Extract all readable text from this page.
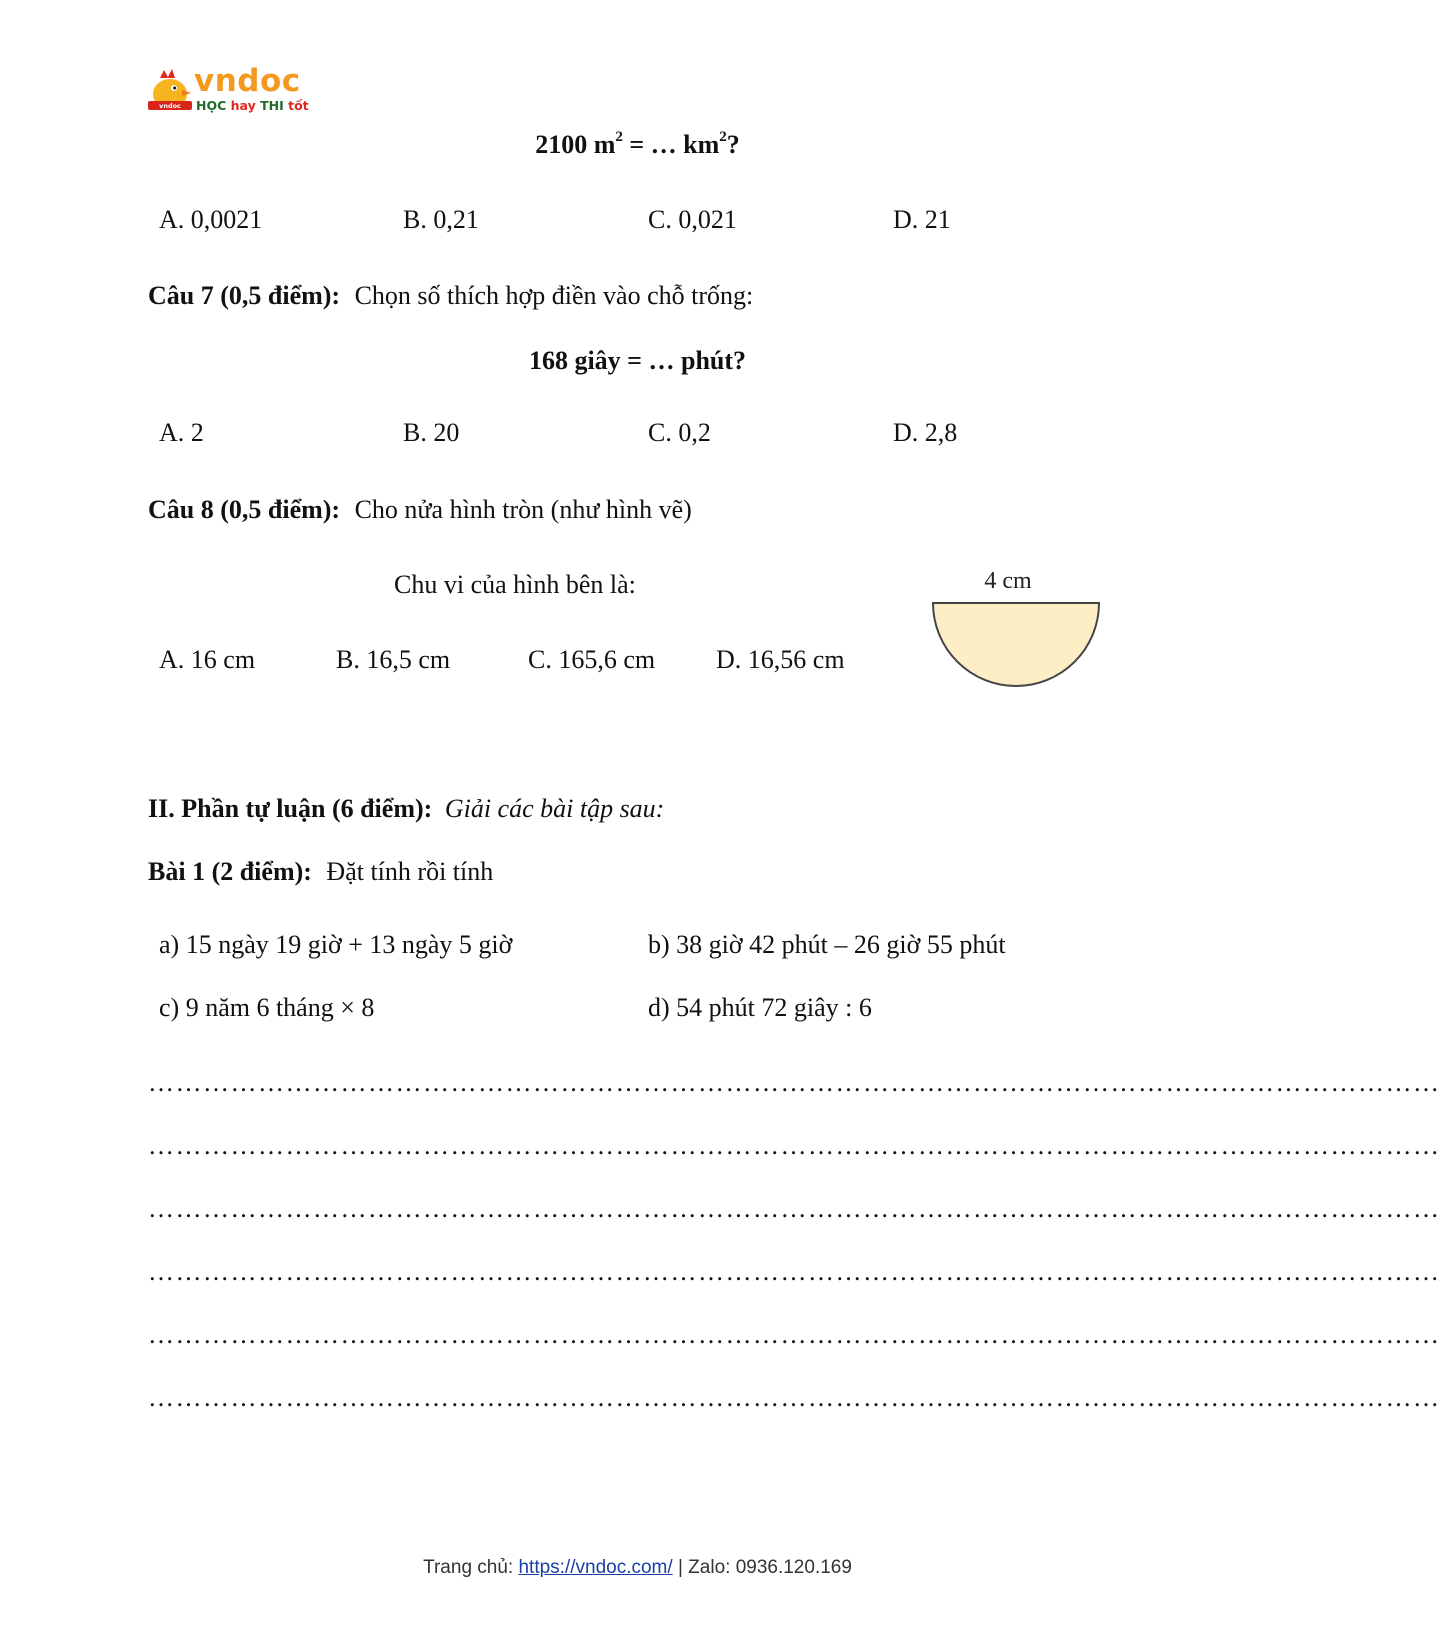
vndoc
vndoc
HỌC hay THI tốt
2100 $m^2$ = … $km^2$?
A. 0,0021	B. 0,21	C. 0,021	D. 21
Câu 7 (0,5 điểm): Chọn số thích hợp điền vào chỗ trống:
168 giây = … phút?
A. 2	B. 20	C. 0,2	D. 2,8
Câu 8 (0,5 điểm): Cho nửa hình tròn (như hình vẽ)
Chu vi của hình bên là:
A. 16 cm	B. 16,5 cm	C. 165,6 cm D. 16,56 cm
4 cm
II. Phần tự luận (6 điểm): Giải các bài tập sau:
Bài 1 (2 điểm): Đặt tính rồi tính
a) 15 ngày 19 giờ + 13 ngày 5 giờ	b) 38 giờ 42 phút – 26 giờ 55 phút
c) 9 năm 6 tháng × 8	d) 54 phút 72 giây : 6
……………………………………………………………………………………………………………………………
……………………………………………………………………………………………………………………………
……………………………………………………………………………………………………………………………
……………………………………………………………………………………………………………………………
……………………………………………………………………………………………………………………………
……………………………………………………………………………………………………………………………
Trang chủ: https://vndoc.com/ | Zalo: 0936.120.169
